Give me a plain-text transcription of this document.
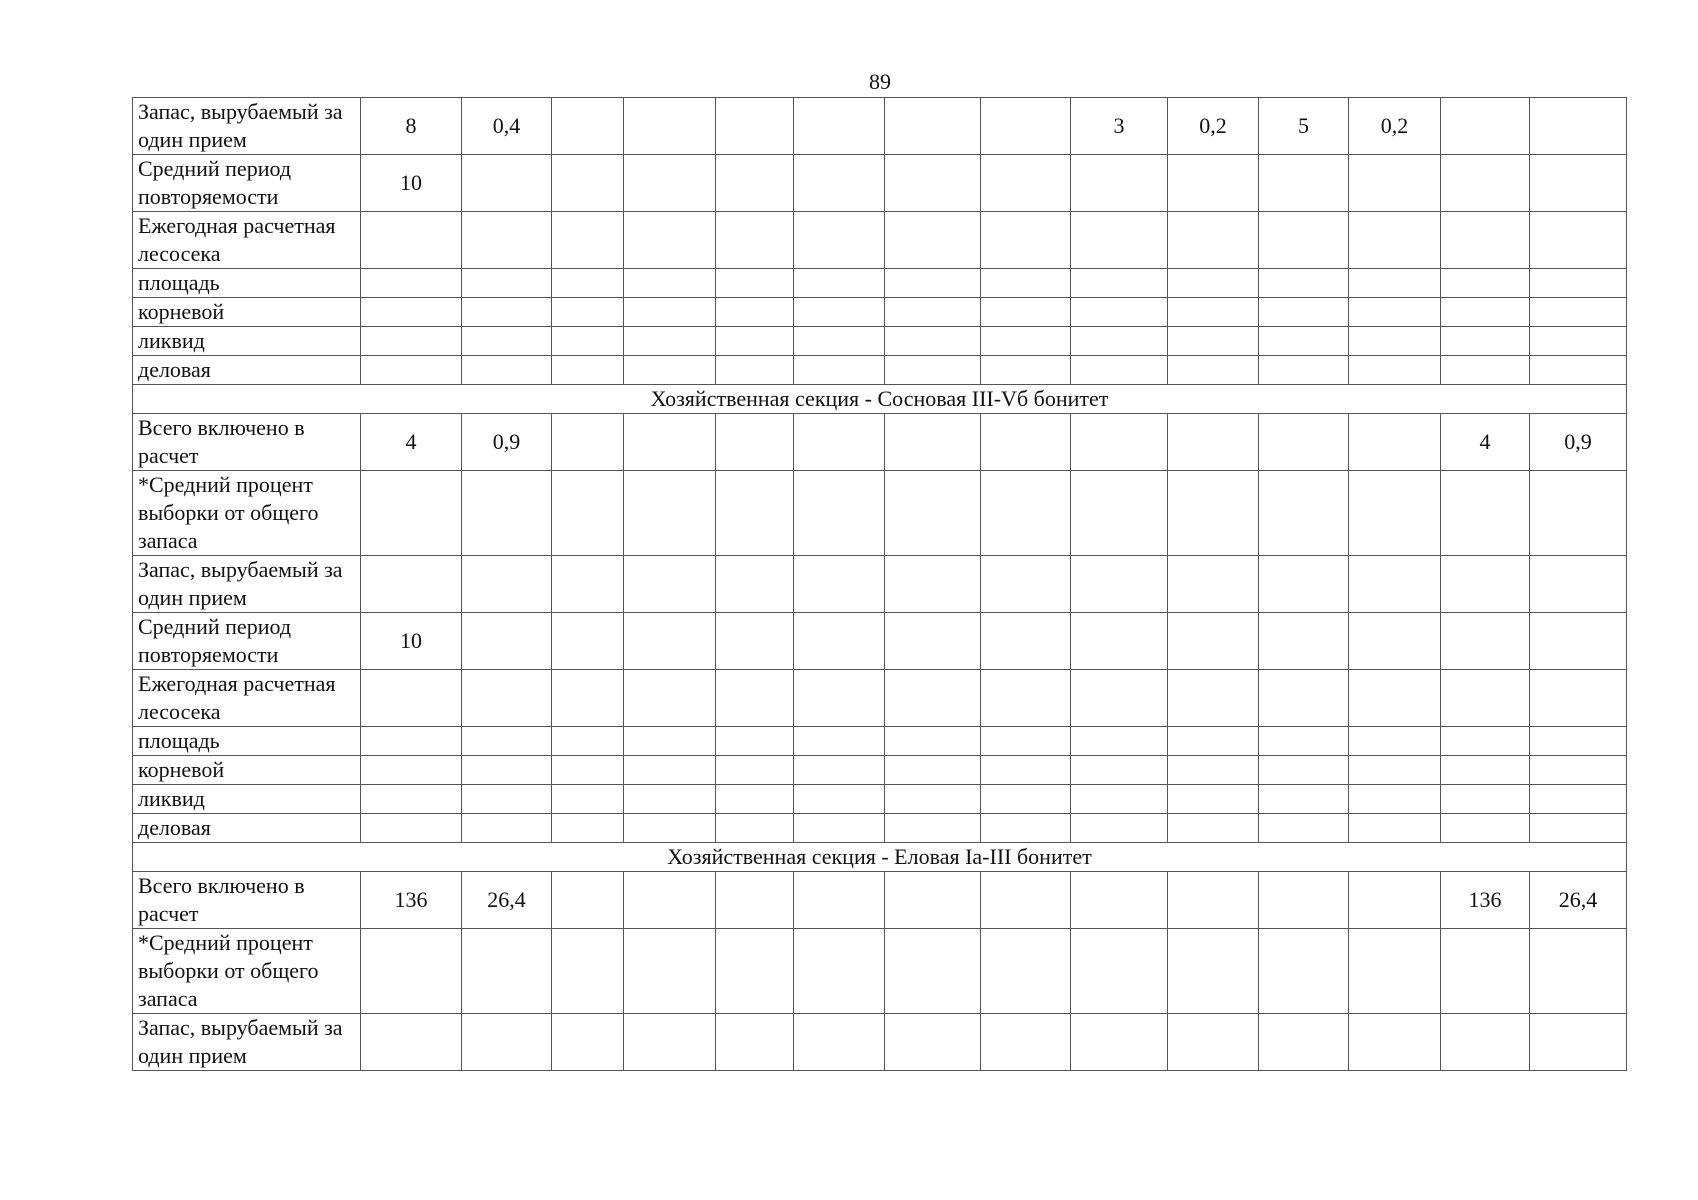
89
Запас, вырубаемый за один прием	8	0,4							3	0,2	5	0,2		
Средний период повторяемости	10													
Ежегодная расчетная лесосека														
площадь														
корневой														
ликвид														
деловая														
Хозяйственная секция - Сосновая III-Vб бонитет														
Всего включено в расчет	4	0,9											4	0,9
*Средний процент выборки от общего запаса														
Запас, вырубаемый за один прием														
Средний период повторяемости	10													
Ежегодная расчетная лесосека														
площадь														
корневой														
ликвид														
деловая														
Хозяйственная секция - Еловая Ia-III бонитет														
Всего включено в расчет	136	26,4											136	26,4
*Средний процент выборки от общего запаса														
Запас, вырубаемый за один прием														
